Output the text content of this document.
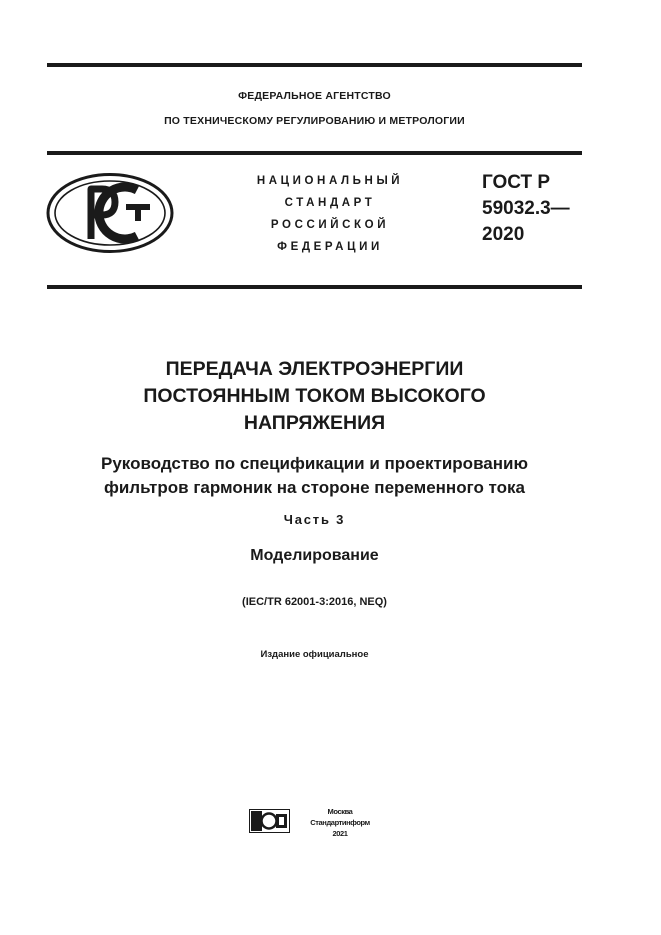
ФЕДЕРАЛЬНОЕ АГЕНТСТВО
ПО ТЕХНИЧЕСКОМУ РЕГУЛИРОВАНИЮ И МЕТРОЛОГИИ
НАЦИОНАЛЬНЫЙ
СТАНДАРТ
РОССИЙСКОЙ
ФЕДЕРАЦИИ
ГОСТ Р
59032.3—
2020
ПЕРЕДАЧА ЭЛЕКТРОЭНЕРГИИ
ПОСТОЯННЫМ ТОКОМ ВЫСОКОГО
НАПРЯЖЕНИЯ
Руководство по спецификации и проектированию
фильтров гармоник на стороне переменного тока
Часть 3
Моделирование
(IEC/TR 62001-3:2016, NEQ)
Издание официальное
Москва
Стандартинформ
2021
